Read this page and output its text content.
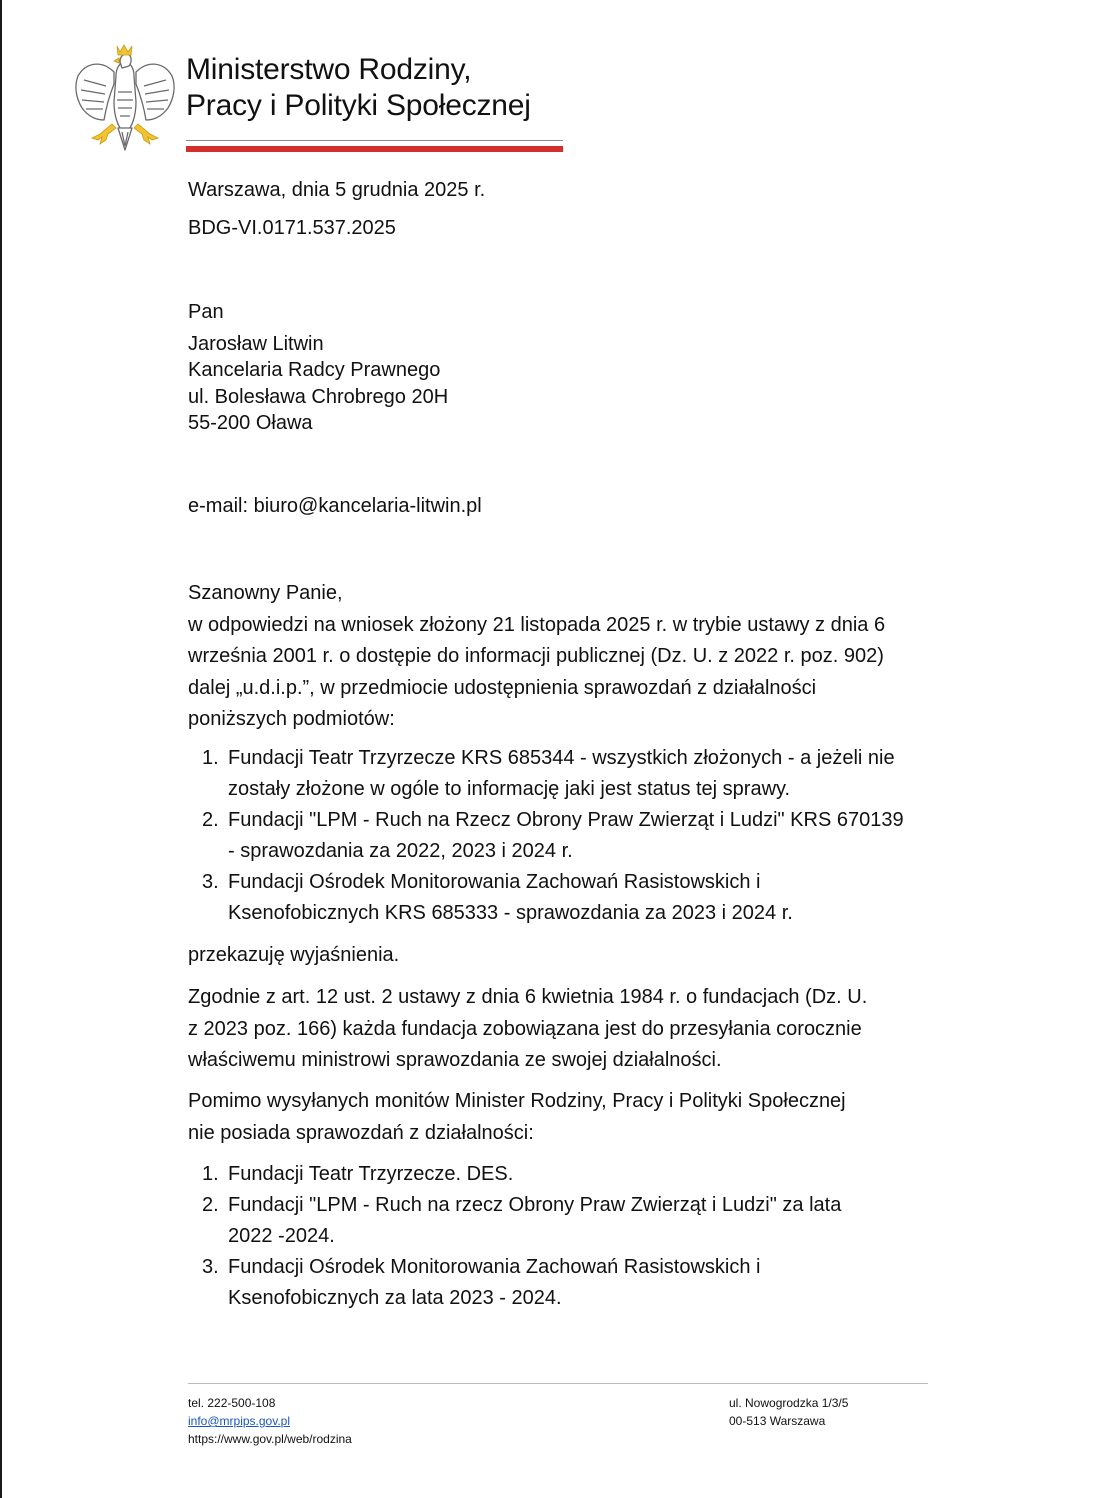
Ministerstwo Rodziny,
Pracy i Polityki Społecznej
Warszawa, dnia 5 grudnia 2025 r.
BDG-VI.0171.537.2025
Pan
Jarosław Litwin
Kancelaria Radcy Prawnego
ul. Bolesława Chrobrego 20H
55-200 Oława
e-mail: biuro@kancelaria-litwin.pl

Szanowny Panie,

w odpowiedzi na wniosek złożony 21 listopada 2025 r. w trybie ustawy z dnia 6

września 2001 r. o dostępie do informacji publicznej (Dz. U. z 2022 r. poz. 902)

dalej „u.d.i.p.”, w przedmiocie udostępnienia sprawozdań z działalności

poniższych podmiotów:

1. Fundacji Teatr Trzyrzecze KRS 685344 - wszystkich złożonych - a jeżeli nie
zostały złożone w ogóle to informację jaki jest status tej sprawy.
2. Fundacji "LPM - Ruch na Rzecz Obrony Praw Zwierząt i Ludzi" KRS 670139
- sprawozdania za 2022, 2023 i 2024 r.
3. Fundacji Ośrodek Monitorowania Zachowań Rasistowskich i
Ksenofobicznych KRS 685333 - sprawozdania za 2023 i 2024 r.
przekazuję wyjaśnienia.

Zgodnie z art. 12 ust. 2 ustawy z dnia 6 kwietnia 1984 r. o fundacjach (Dz. U.

z 2023 poz. 166) każda fundacja zobowiązana jest do przesyłania corocznie

właściwemu ministrowi sprawozdania ze swojej działalności.

Pomimo wysyłanych monitów Minister Rodziny, Pracy i Polityki Społecznej

nie posiada sprawozdań z działalności:

1. Fundacji Teatr Trzyrzecze. DES.
2. Fundacji "LPM - Ruch na rzecz Obrony Praw Zwierząt i Ludzi" za lata
2022 -2024.
3. Fundacji Ośrodek Monitorowania Zachowań Rasistowskich i
Ksenofobicznych za lata 2023 - 2024.
tel. 222-500-108
info@mrpips.gov.pl
https://www.gov.pl/web/rodzina
ul. Nowogrodzka 1/3/5
00-513 Warszawa
